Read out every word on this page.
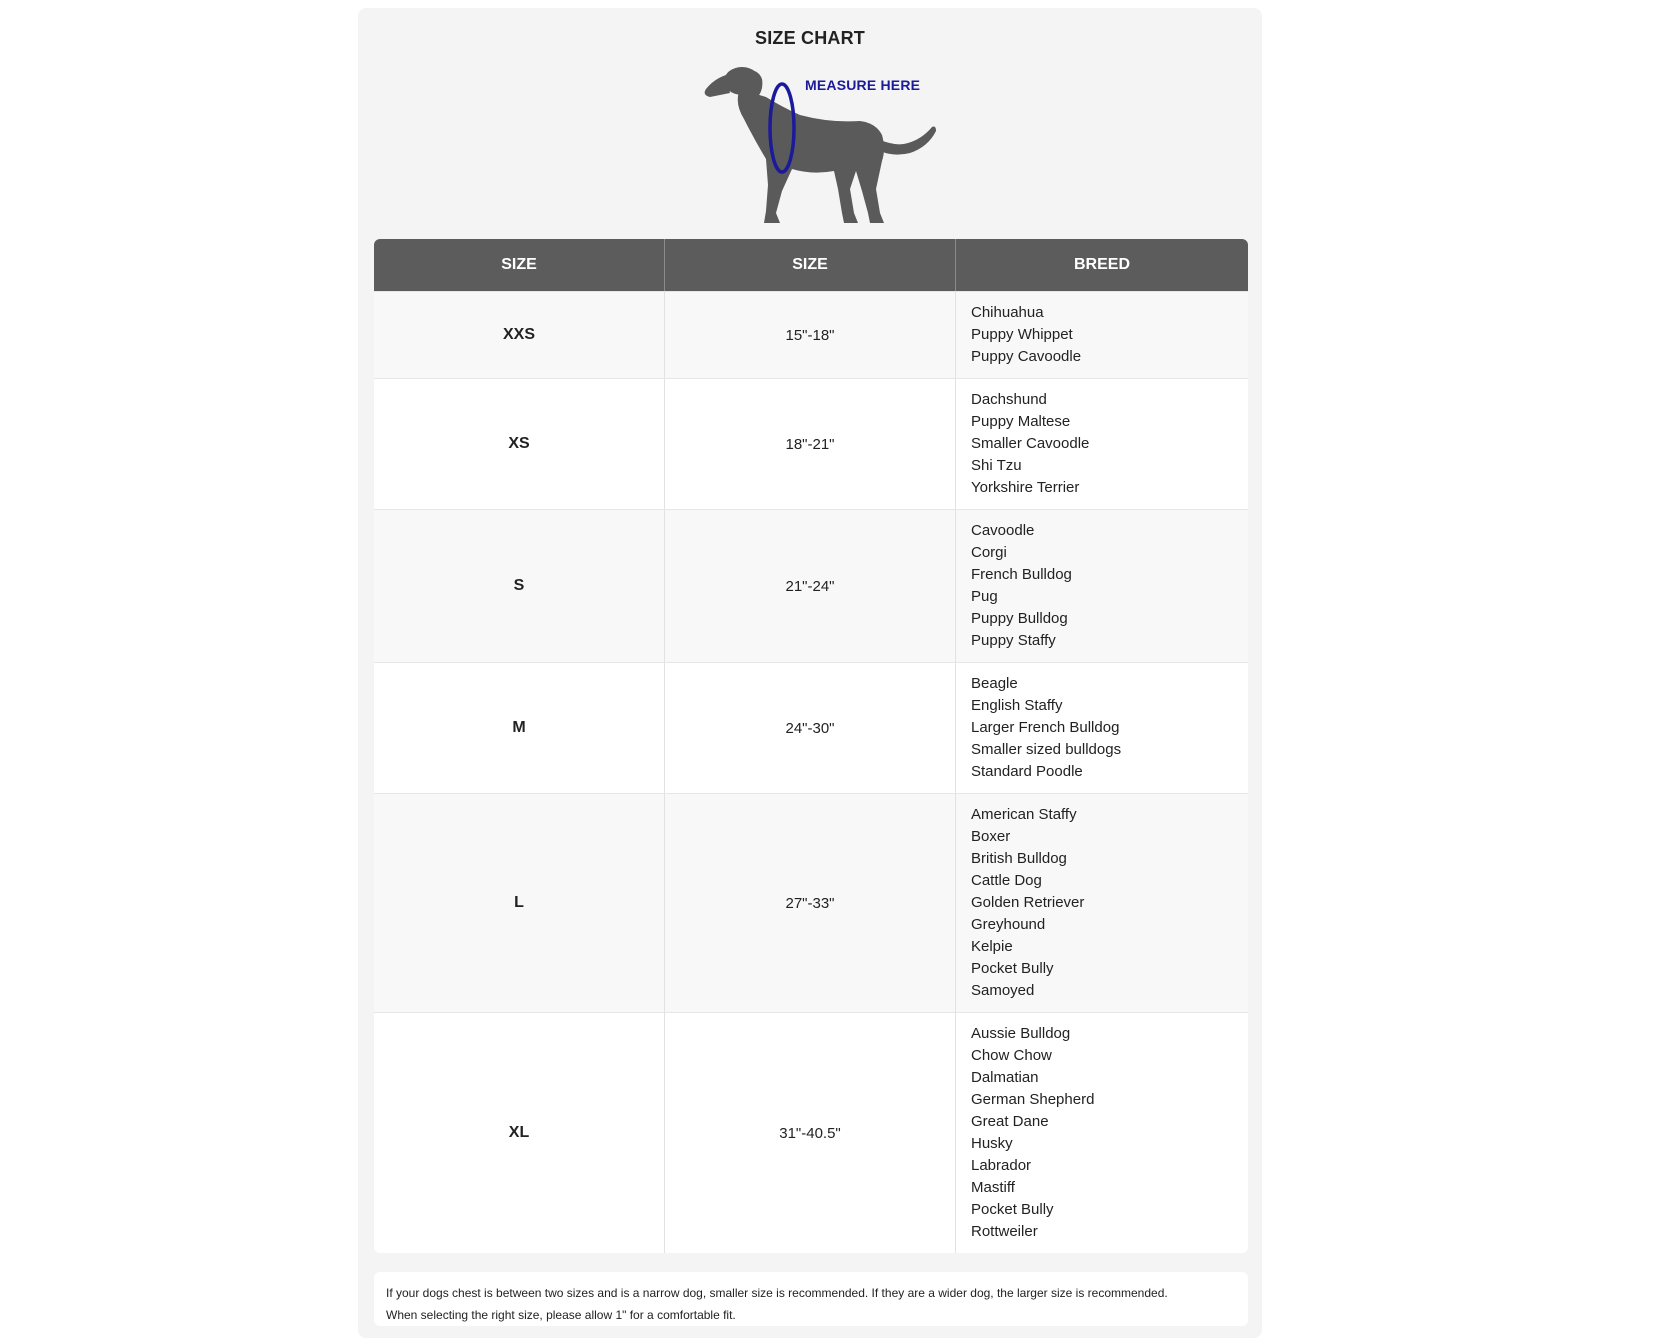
SIZE CHART
MEASURE HERE
SIZE	SIZE	BREED
XXS	15"-18"
Chihuahua
Puppy Whippet
Puppy Cavoodle
XS	18"-21"
Dachshund
Puppy Maltese
Smaller Cavoodle
Shi Tzu
Yorkshire Terrier
S	21"-24"
Cavoodle
Corgi
French Bulldog
Pug
Puppy Bulldog
Puppy Staffy
M	24"-30"
Beagle
English Staffy
Larger French Bulldog
Smaller sized bulldogs
Standard Poodle
L	27"-33"
American Staffy
Boxer
British Bulldog
Cattle Dog
Golden Retriever
Greyhound
Kelpie
Pocket Bully
Samoyed
XL	31"-40.5"
Aussie Bulldog
Chow Chow
Dalmatian
German Shepherd
Great Dane
Husky
Labrador
Mastiff
Pocket Bully
Rottweiler

If your dogs chest is between two sizes and is a narrow dog, smaller size is recommended. If they are a wider dog, the larger size is recommended.

When selecting the right size, please allow 1" for a comfortable fit.
